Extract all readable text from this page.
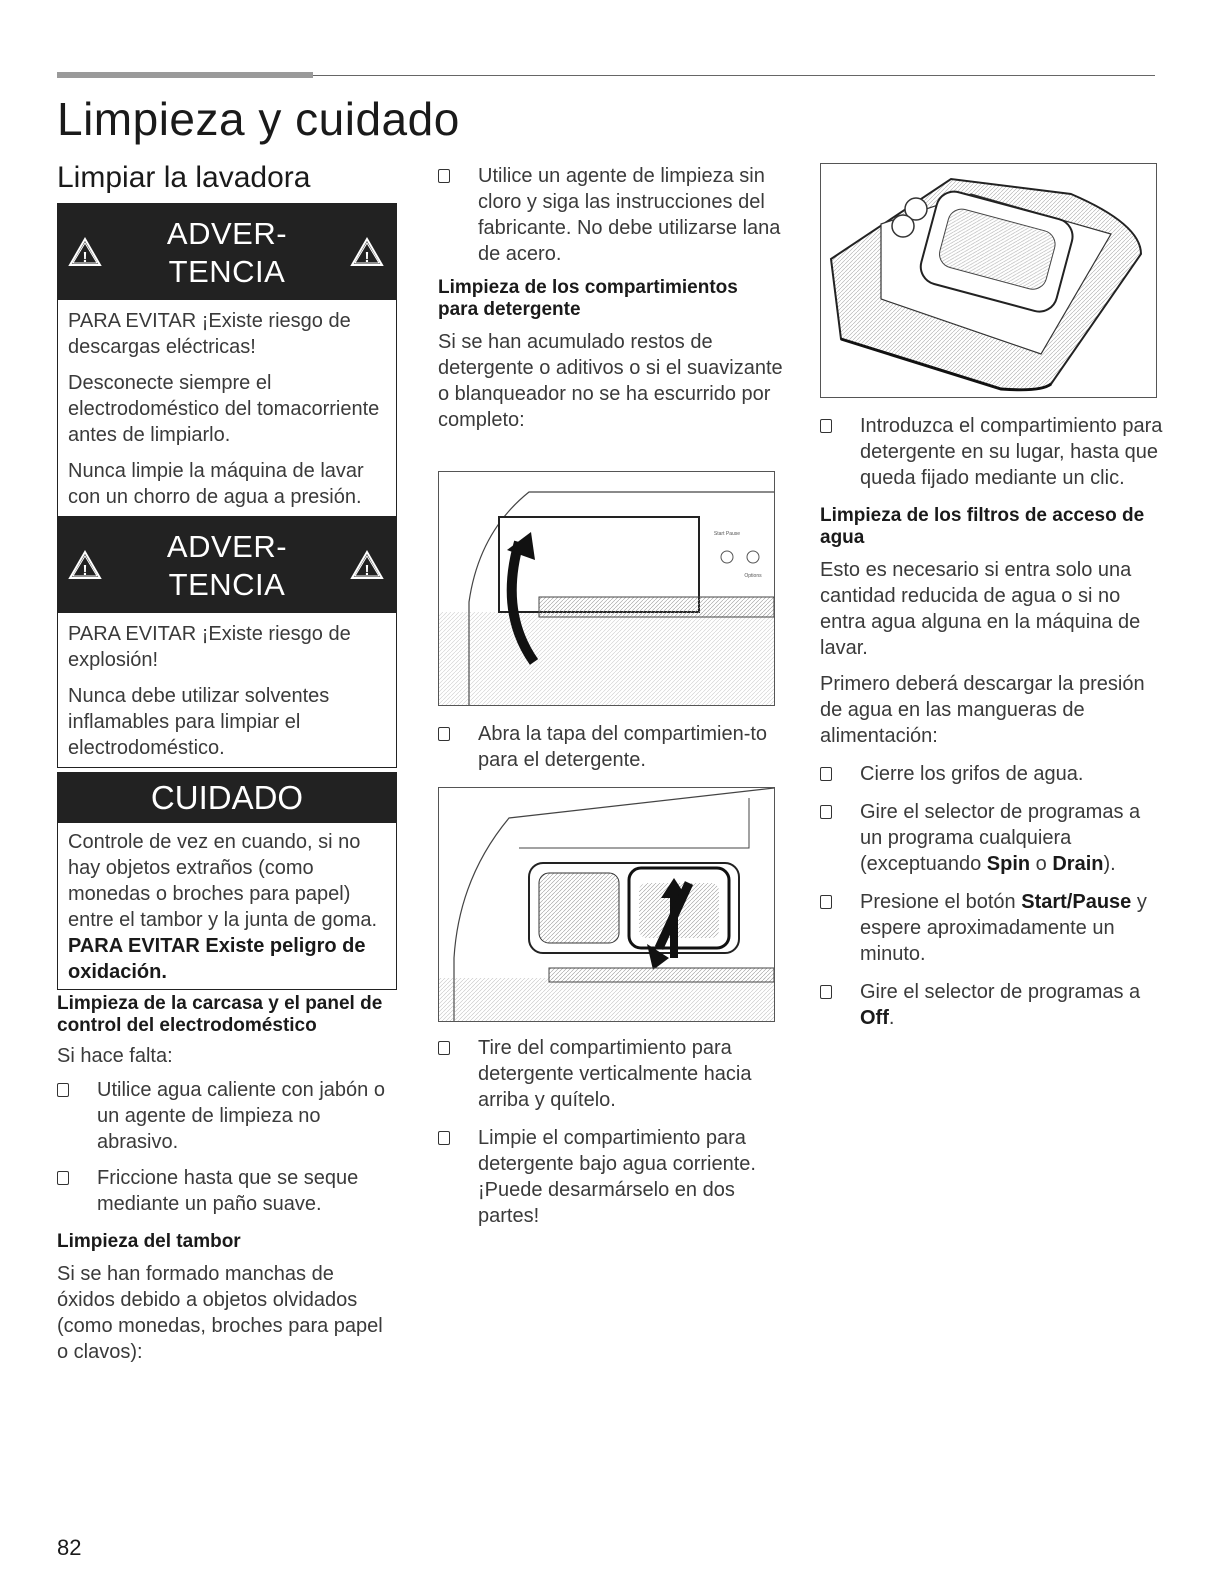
Limpieza y cuidado
Limpiar la lavadora
!
ADVER-
TENCIA	!

PARA EVITAR ¡Existe riesgo de descargas eléctricas!

Desconecte siempre el electrodoméstico del tomacorriente antes de limpiarlo.

Nunca limpie la máquina de lavar con un chorro de agua a presión.

!
ADVER-
TENCIA	!

PARA EVITAR ¡Existe riesgo de explosión!

Nunca debe utilizar solventes inflamables para limpiar el electrodoméstico.

CUIDADO

Controle de vez en cuando, si no hay objetos extraños (como monedas o broches para papel) entre el tambor y la junta de goma. PARA EVITAR Existe peligro de oxidación.

Limpieza de la carcasa y el panel de control del electrodoméstico

Si hace falta:

Utilice agua caliente con jabón o un agente de limpieza no abrasivo.
Friccione hasta que se seque mediante un paño suave.
Limpieza del tambor

Si se han formado manchas de óxidos debido a objetos olvidados (como monedas, broches para papel o clavos):

Utilice un agente de limpieza sin cloro y siga las instrucciones del fabricante. No debe utilizarse lana de acero.
Limpieza de los compartimientos para detergente

Si se han acumulado restos de detergente o aditivos o si el suavizante o blanqueador no se ha escurrido por completo:

Start Pause
Options
Abra la tapa del compartimien-to para el detergente.
Tire del compartimiento para detergente verticalmente hacia arriba y quítelo.
Limpie el compartimiento para detergente bajo agua corriente. ¡Puede desarmárselo en dos partes!
Introduzca el compartimiento para detergente en su lugar, hasta que queda fijado mediante un clic.
Limpieza de los filtros de acceso de agua

Esto es necesario si entra solo una cantidad reducida de agua o si no entra agua alguna en la máquina de lavar.

Primero deberá descargar la presión de agua en las mangueras de alimentación:

Cierre los grifos de agua.
Gire el selector de programas a un programa cualquiera (exceptuando Spin o Drain).
Presione el botón Start/Pause y espere aproximadamente un minuto.
Gire el selector de programas a Off.
82
